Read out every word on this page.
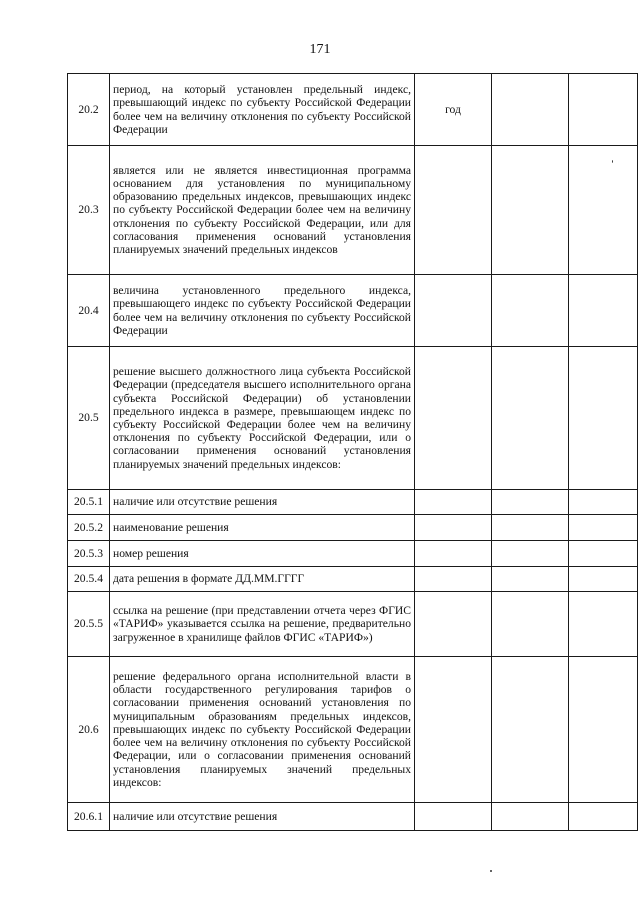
171
20.2	период, на который установлен предельный индекс, превышающий индекс по субъекту Российской Федерации более чем на величину отклонения по субъекту Российской Федерации	год		
20.3	является или не является инвестиционная программа основанием для установления по муниципальному образованию предельных индексов, превышающих индекс по субъекту Российской Федерации более чем на величину отклонения по субъекту Российской Федерации, или для согласования применения оснований установления планируемых значений предельных индексов			
20.4	величина установленного предельного индекса, превышающего индекс по субъекту Российской Федерации более чем на величину отклонения по субъекту Российской Федерации			
20.5	решение высшего должностного лица субъекта Российской Федерации (председателя высшего исполнительного органа субъекта Российской Федерации) об установлении предельного индекса в размере, превышающем индекс по субъекту Российской Федерации более чем на величину отклонения по субъекту Российской Федерации, или о согласовании применения оснований установления планируемых значений предельных индексов:			
20.5.1	наличие или отсутствие решения			
20.5.2	наименование решения			
20.5.3	номер решения			
20.5.4	дата решения в формате ДД.ММ.ГГГГ			
20.5.5	ссылка на решение (при представлении отчета через ФГИС «ТАРИФ» указывается ссылка на решение, предварительно загруженное в хранилище файлов ФГИС «ТАРИФ»)			
20.6	решение федерального органа исполнительной власти в области государственного регулирования тарифов о согласовании применения оснований установления по муниципальным образованиям предельных индексов, превышающих индекс по субъекту Российской Федерации более чем на величину отклонения по субъекту Российской Федерации, или о согласовании применения оснований установления планируемых значений предельных индексов:			
20.6.1	наличие или отсутствие решения			
